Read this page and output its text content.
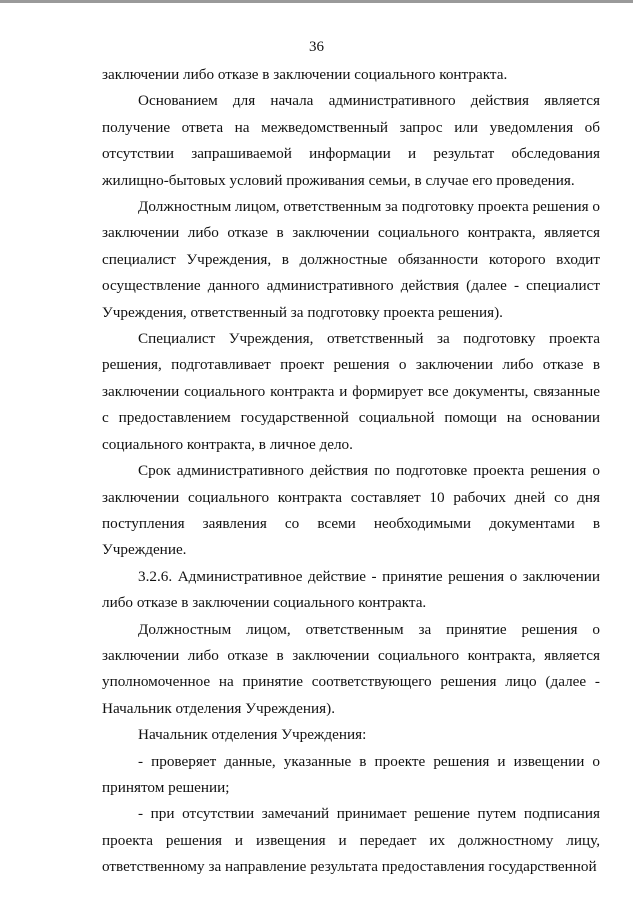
36

заключении либо отказе в заключении социального контракта.

Основанием для начала административного действия является получение ответа на межведомственный запрос или уведомления об отсутствии запрашиваемой информации и результат обследования жилищно-бытовых условий проживания семьи, в случае его проведения.

Должностным лицом, ответственным за подготовку проекта решения о заключении либо отказе в заключении социального контракта, является специалист Учреждения, в должностные обязанности которого входит осуществление данного административного действия (далее - специалист Учреждения, ответственный за подготовку проекта решения).

Специалист Учреждения, ответственный за подготовку проекта решения, подготавливает проект решения о заключении либо отказе в заключении социального контракта и формирует все документы, связанные с предоставлением государственной социальной помощи на основании социального контракта, в личное дело.

Срок административного действия по подготовке проекта решения о заключении социального контракта составляет 10 рабочих дней со дня поступления заявления со всеми необходимыми документами в Учреждение.

3.2.6. Административное действие - принятие решения о заключении либо отказе в заключении социального контракта.

Должностным лицом, ответственным за принятие решения о заключении либо отказе в заключении социального контракта, является уполномоченное на принятие соответствующего решения лицо (далее - Начальник отделения Учреждения).

Начальник отделения Учреждения:

- проверяет данные, указанные в проекте решения и извещении о принятом решении;

- при отсутствии замечаний принимает решение путем подписания проекта решения и извещения и передает их должностному лицу, ответственному за направление результата предоставления государственной
